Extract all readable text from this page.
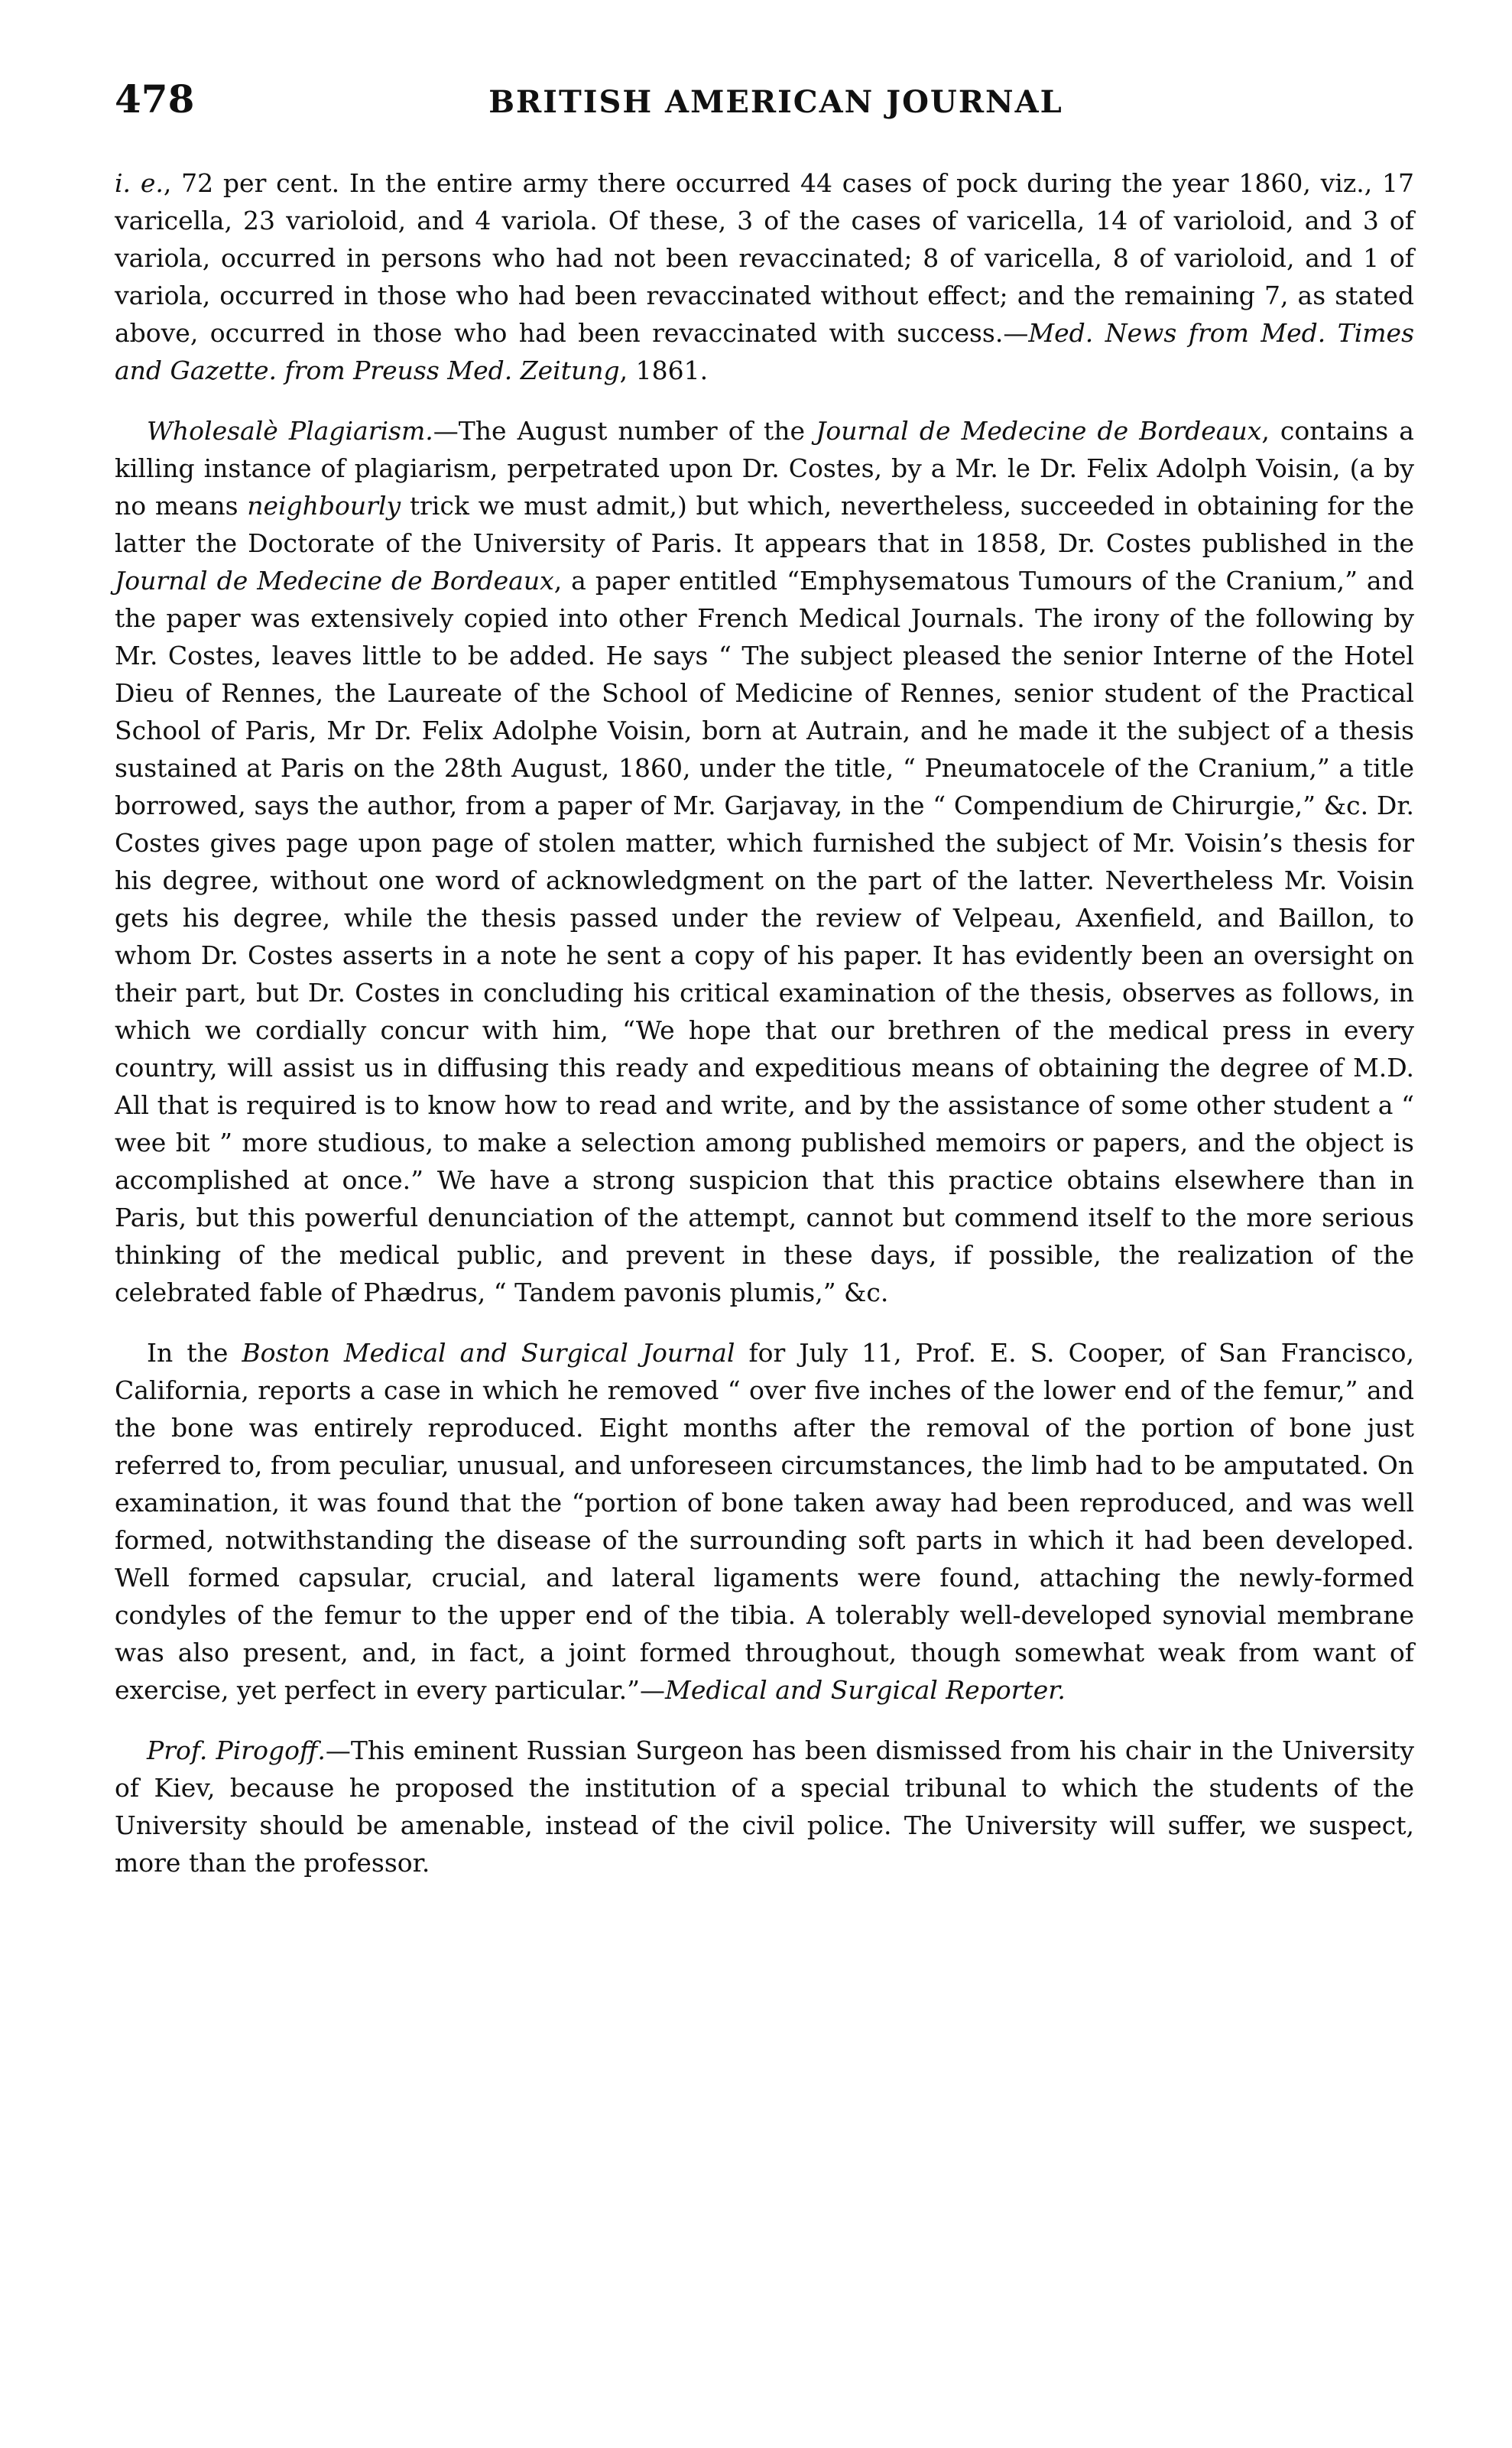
478	BRITISH AMERICAN JOURNAL

i. e., 72 per cent. In the entire army there occurred 44 cases of pock during the year 1860, viz., 17 varicella, 23 varioloid, and 4 variola. Of these, 3 of the cases of varicella, 14 of varioloid, and 3 of variola, occurred in persons who had not been revaccinated; 8 of varicella, 8 of varioloid, and 1 of variola, occurred in those who had been revaccinated without effect; and the remaining 7, as stated above, occurred in those who had been revaccinated with success.—Med. News from Med. Times and Gazette. from Preuss Med. Zeitung, 1861.

Wholesalè Plagiarism.—The August number of the Journal de Medecine de Bordeaux, contains a killing instance of plagiarism, perpetrated upon Dr. Costes, by a Mr. le Dr. Felix Adolph Voisin, (a by no means neighbourly trick we must admit,) but which, nevertheless, succeeded in obtaining for the latter the Doctorate of the University of Paris. It appears that in 1858, Dr. Costes published in the Journal de Medecine de Bordeaux, a paper entitled “Emphysematous Tumours of the Cranium,” and the paper was extensively copied into other French Medical Journals. The irony of the following by Mr. Costes, leaves little to be added. He says “ The subject pleased the senior Interne of the Hotel Dieu of Rennes, the Laureate of the School of Medicine of Rennes, senior student of the Practical School of Paris, Mr Dr. Felix Adolphe Voisin, born at Autrain, and he made it the subject of a thesis sustained at Paris on the 28th August, 1860, under the title, “ Pneumatocele of the Cranium,” a title borrowed, says the author, from a paper of Mr. Garjavay, in the “ Compendium de Chirurgie,” &c. Dr. Costes gives page upon page of stolen matter, which furnished the subject of Mr. Voisin’s thesis for his degree, without one word of acknowledgment on the part of the latter. Nevertheless Mr. Voisin gets his degree, while the thesis passed under the review of Velpeau, Axenfield, and Baillon, to whom Dr. Costes asserts in a note he sent a copy of his paper. It has evidently been an oversight on their part, but Dr. Costes in concluding his critical examination of the thesis, observes as follows, in which we cordially concur with him, “We hope that our brethren of the medical press in every country, will assist us in diffusing this ready and expeditious means of obtaining the degree of M.D. All that is required is to know how to read and write, and by the assistance of some other student a “ wee bit ” more studious, to make a selection among published memoirs or papers, and the object is accomplished at once.” We have a strong suspicion that this practice obtains elsewhere than in Paris, but this powerful denunciation of the attempt, cannot but commend itself to the more serious thinking of the medical public, and prevent in these days, if possible, the realization of the celebrated fable of Phædrus, “ Tandem pavonis plumis,” &c.

In the Boston Medical and Surgical Journal for July 11, Prof. E. S. Cooper, of San Francisco, California, reports a case in which he removed “ over five inches of the lower end of the femur,” and the bone was entirely reproduced. Eight months after the removal of the portion of bone just referred to, from peculiar, unusual, and unforeseen circumstances, the limb had to be amputated. On examination, it was found that the “portion of bone taken away had been reproduced, and was well formed, notwithstanding the disease of the surrounding soft parts in which it had been developed. Well formed capsular, crucial, and lateral ligaments were found, attaching the newly-formed condyles of the femur to the upper end of the tibia. A tolerably well-developed synovial membrane was also present, and, in fact, a joint formed throughout, though somewhat weak from want of exercise, yet perfect in every particular.”—Medical and Surgical Reporter.

Prof. Pirogoff.—This eminent Russian Surgeon has been dismissed from his chair in the University of Kiev, because he proposed the institution of a special tribunal to which the students of the University should be amenable, instead of the civil police. The University will suffer, we suspect, more than the professor.
